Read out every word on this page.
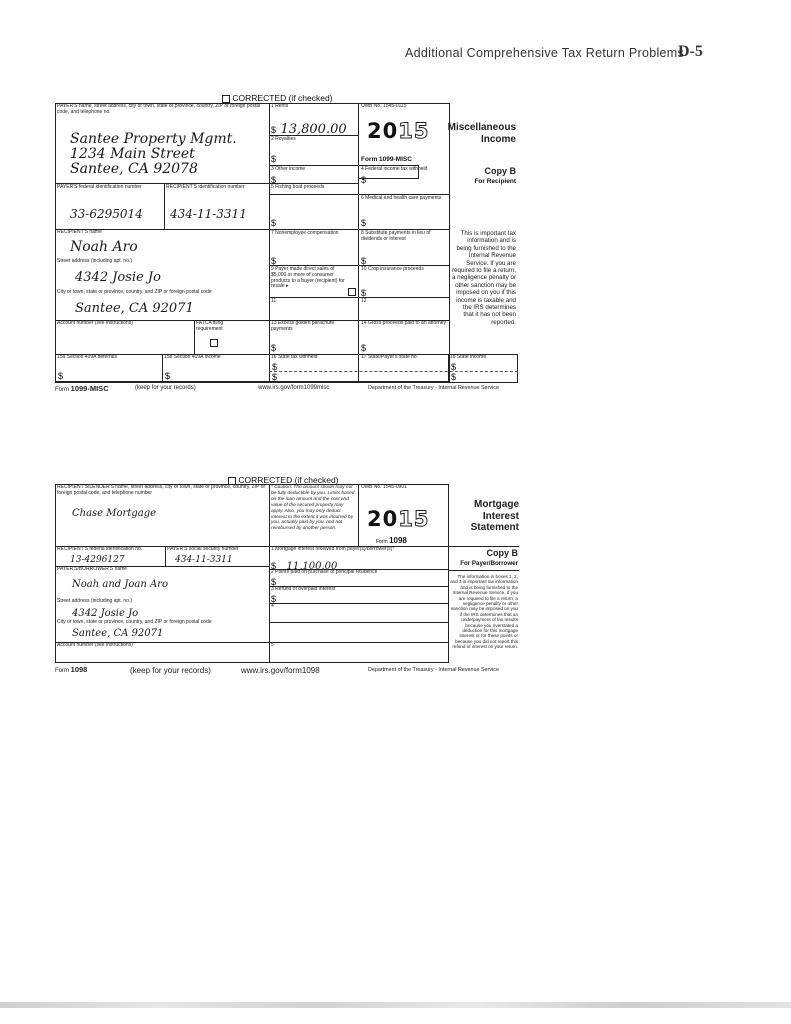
Additional Comprehensive Tax Return Problems
D-5
CORRECTED (if checked)
PAYER'S name, street address, city or town, state or province, country, ZIP or foreign postal code, and telephone no.
Santee Property Mgmt.
1234 Main Street
Santee, CA 92078
1 Rents
$ 13,800.00
2 Royalties
$
3 Other income
$
OMB No. 1545-0115
2015
Form 1099-MISC
Miscellaneous
Income
4 Federal income tax withheld
$
Copy B
For Recipient
PAYER'S federal identification number	RECIPIENT'S identification number
33-6295014 434-11-3311
5 Fishing boat proceeds
$
6 Medical and health care payments
$
RECIPIENT'S name
Noah Aro
Street address (including apt. no.)
4342 Josie Jo
City or town, state or province, country, and ZIP or foreign postal code
Santee, CA 92071
7 Nonemployee compensation
$
8 Substitute payments in lieu of dividends or interest
$
9 Payer made direct sales of $5,000 or more of consumer products to a buyer (recipient) for resale ▸
10 Crop insurance proceeds
$
11	12
Account number (see instructions)	FATCA filing requirement
13 Excess golden parachute payments
$
14 Gross proceeds paid to an attorney
$
15a Section 409A deferrals
$
15b Section 409A income
$
16 State tax withheld
$
$
17 State/Payer's state no.	18 State income
$
$
This is important tax information and is being furnished to the Internal Revenue Service. If you are required to file a return, a negligence penalty or other sanction may be imposed on you if this income is taxable and the IRS determines that it has not been reported.
Form 1099-MISC	(keep for your records)	www.irs.gov/form1099misc	Department of the Treasury - Internal Revenue Service
CORRECTED (if checked)
RECIPIENT'S/LENDER'S name, street address, city or town, state or province, country, ZIP or foreign postal code, and telephone number
Chase Mortgage
* Caution: The amount shown may not be fully deductible by you. Limits based on the loan amount and the cost and value of the secured property may apply. Also, you may only deduct interest to the extent it was incurred by you, actually paid by you, and not reimbursed by another person.
OMB No. 1545-0901
2015
Form 1098
Mortgage
Interest
Statement
RECIPIENT'S federal identification no.	PAYER'S social security number
13-4296127	434-11-3311
1 Mortgage interest received from payer(s)/borrower(s)*
$ 11,100.00
Copy B
For Payer/Borrower
PAYER'S/BORROWER'S name
Noah and Joan Aro
Street address (including apt. no.)
4342 Josie Jo
City or town, state or province, country, and ZIP or foreign postal code
Santee, CA 92071
2 Points paid on purchase of principal residence
$
3 Refund of overpaid interest
$
4
Account number (see instructions)	5
The information in boxes 1, 2, and 3 is important tax information and is being furnished to the Internal Revenue Service. If you are required to file a return, a negligence penalty or other sanction may be imposed on you if the IRS determines that an underpayment of tax results because you overstated a deduction for this mortgage interest or for these points or because you did not report this refund of interest on your return.
Form 1098	(keep for your records)	www.irs.gov/form1098	Department of the Treasury - Internal Revenue Service
